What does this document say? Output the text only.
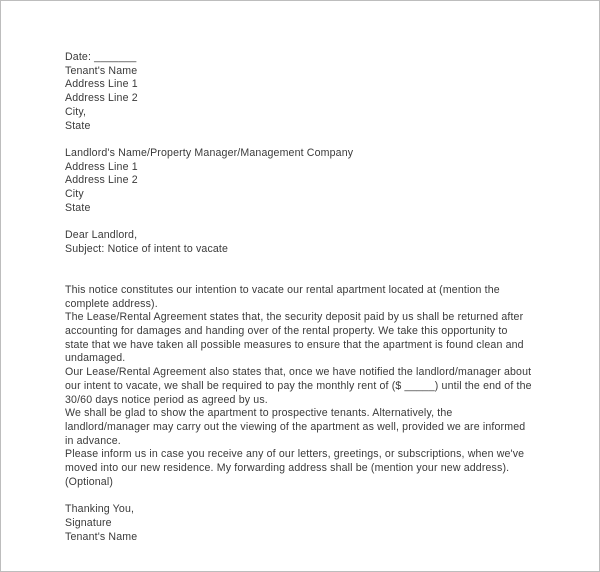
Date: _______
Tenant's Name
Address Line 1
Address Line 2
City,
State
Landlord's Name/Property Manager/Management Company
Address Line 1
Address Line 2
City
State
Dear Landlord,
Subject: Notice of intent to vacate
This notice constitutes our intention to vacate our rental apartment located at (mention the
complete address).
The Lease/Rental Agreement states that, the security deposit paid by us shall be returned after
accounting for damages and handing over of the rental property. We take this opportunity to
state that we have taken all possible measures to ensure that the apartment is found clean and
undamaged.
Our Lease/Rental Agreement also states that, once we have notified the landlord/manager about
our intent to vacate, we shall be required to pay the monthly rent of ($ _____) until the end of the
30/60 days notice period as agreed by us.
We shall be glad to show the apartment to prospective tenants. Alternatively, the
landlord/manager may carry out the viewing of the apartment as well, provided we are informed
in advance.
Please inform us in case you receive any of our letters, greetings, or subscriptions, when we've
moved into our new residence. My forwarding address shall be (mention your new address).
(Optional)
Thanking You,
Signature
Tenant's Name
